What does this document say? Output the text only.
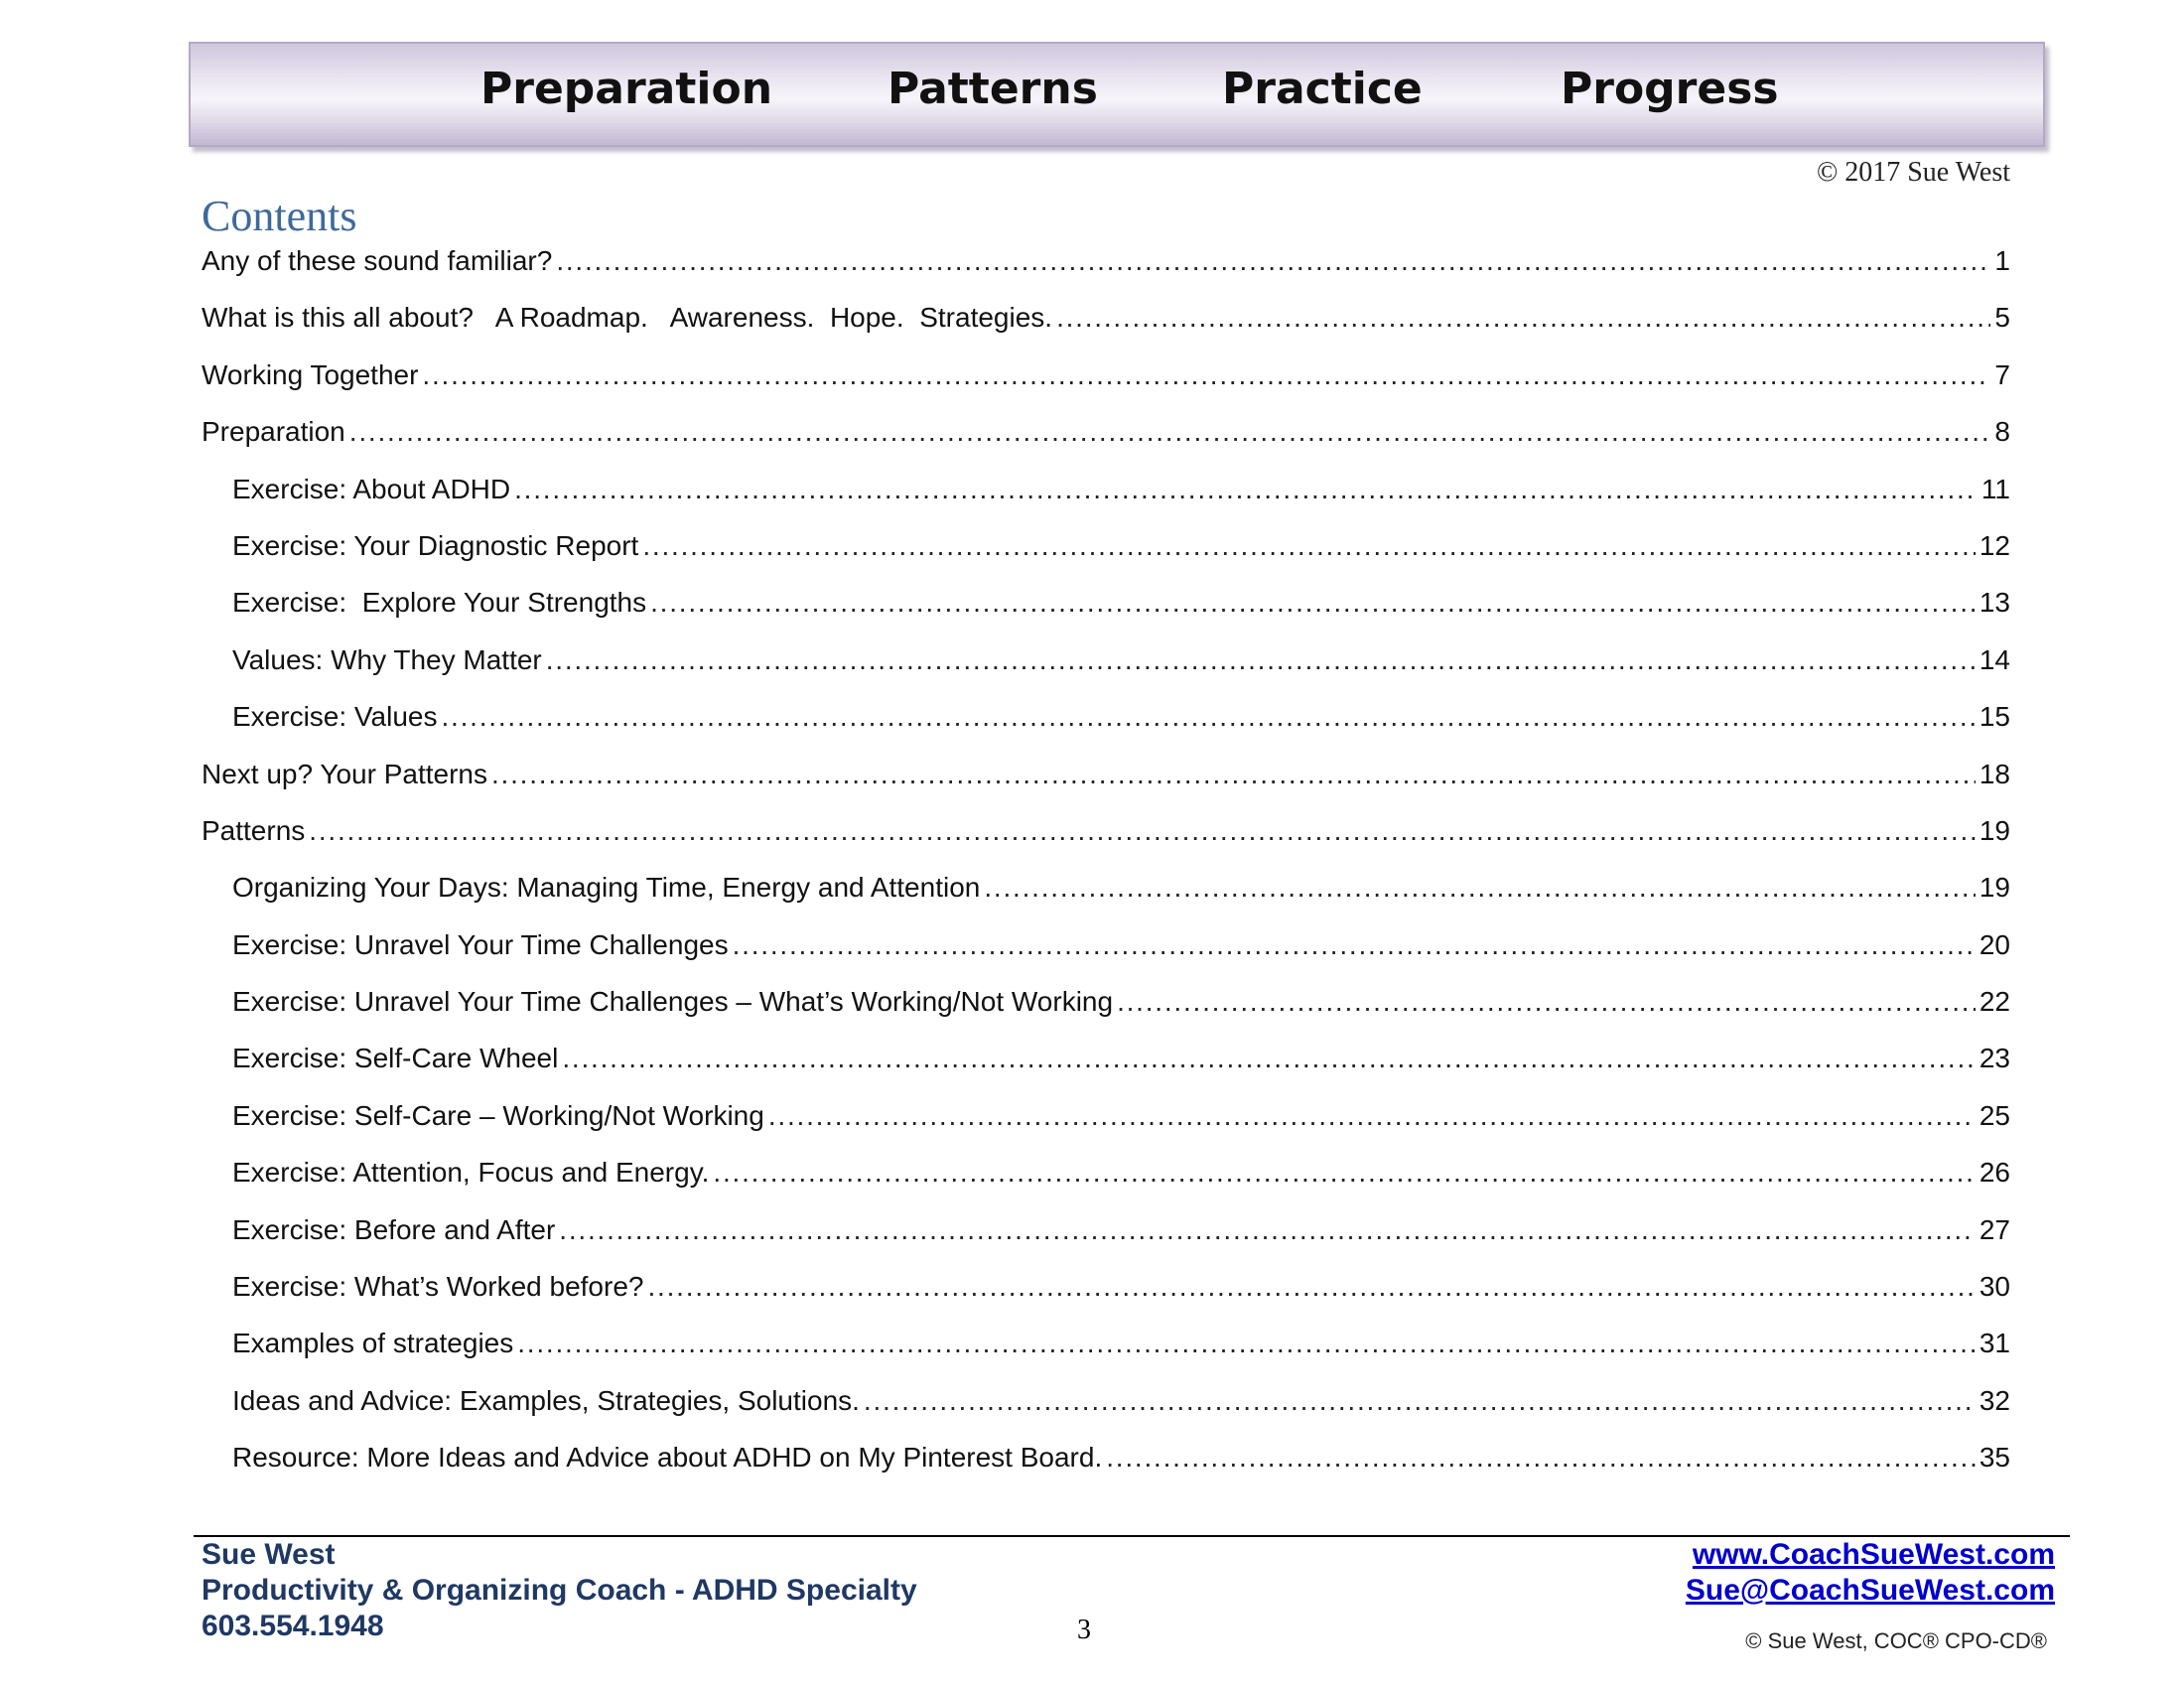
Preparation	Patterns	Practice	Progress
© 2017 Sue West
Contents
Any of these sound familiar? . . .	1
What is this all about?   A Roadmap.   Awareness.  Hope.  Strategies. . . .	5
Working Together . . .	7
Preparation . . .	8
Exercise: About ADHD . . .	11
Exercise: Your Diagnostic Report . . .	12
Exercise:  Explore Your Strengths . . .	13
Values: Why They Matter . . .	14
Exercise: Values . . .	15
Next up? Your Patterns . . .	18
Patterns . . .	19
Organizing Your Days: Managing Time, Energy and Attention . . .	19
Exercise: Unravel Your Time Challenges . . .	20
Exercise: Unravel Your Time Challenges – What’s Working/Not Working . . .	22
Exercise: Self-Care Wheel . . .	23
Exercise: Self-Care – Working/Not Working . . .	25
Exercise: Attention, Focus and Energy. . . .	26
Exercise: Before and After . . .	27
Exercise: What’s Worked before? . . .	30
Examples of strategies . . .	31
Ideas and Advice: Examples, Strategies, Solutions. . . .	32
Resource: More Ideas and Advice about ADHD on My Pinterest Board. . . .	35
Sue West
Productivity & Organizing Coach - ADHD Specialty
603.554.1948
www.CoachSueWest.com
Sue@CoachSueWest.com
3	© Sue West, COC® CPO-CD®
